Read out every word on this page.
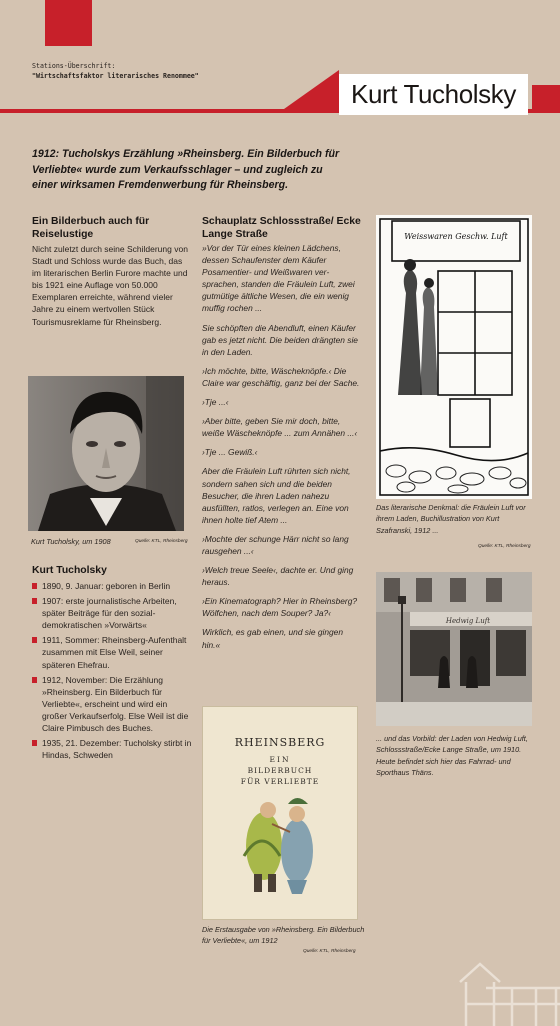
Stations-Überschrift:
"Wirtschaftsfaktor literarisches Renommee"
Kurt Tucholsky
1912: Tucholskys Erzählung »Rheinsberg. Ein Bilderbuch für Verliebte« wurde zum Verkaufsschlager – und zugleich zu einer wirksamen Fremdenwerbung für Rheinsberg.
Ein Bilderbuch auch für Reiselustige
Nicht zuletzt durch seine Schilderung von Stadt und Schloss wurde das Buch, das im literarischen Berlin Furore machte und bis 1921 eine Auflage von 50.000 Exemplaren erreichte, während vieler Jahre zu einem wertvollen Stück Tourismusreklame für Rheinsberg.
Kurt Tucholsky, um 1908	Quelle: KTL, Rheinsberg
Kurt Tucholsky
1890, 9. Januar: geboren in Berlin
1907: erste journalistische Arbeiten, später Beiträge für den sozialdemokratischen »Vorwärts«
1911, Sommer: Rheinsberg-Aufenthalt zusammen mit Else Weil, seiner späteren Ehefrau.
1912, November: Die Erzählung »Rheinsberg. Ein Bilderbuch für Verliebte«, erscheint und wird ein großer Verkaufserfolg. Else Weil ist die Claire Pimbusch des Buches.
1935, 21. Dezember: Tucholsky stirbt in Hindas, Schweden
Schauplatz Schlossstraße/ Ecke Lange Straße

»Vor der Tür eines kleinen Lädchens, dessen Schaufenster dem Käufer Posamentier- und Weißwaren versprachen, standen die Fräulein Luft, zwei gutmütige ältliche Wesen, die ein wenig muffig rochen ...

Sie schöpften die Abendluft, einen Käufer gab es jetzt nicht. Die beiden drängten sie in den Laden.

›Ich möchte, bitte, Wäscheknöpfe.‹ Die Claire war geschäftig, ganz bei der Sache.

›Tje ...‹

›Aber bitte, geben Sie mir doch, bitte, weiße Wäscheknöpfe ... zum Annähen ...‹

›Tje ... Gewiß.‹

Aber die Fräulein Luft rührten sich nicht, sondern sahen sich und die beiden Besucher, die ihren Laden nahezu ausfüllten, ratlos, verlegen an. Eine von ihnen holte tief Atem ...

›Mochte der schunge Härr nicht so lang rausgehen ...‹

›Welch treue Seele‹, dachte er. Und ging heraus.

›Ein Kinematograph? Hier in Rheinsberg? Wölfchen, nach dem Souper? Ja?‹

Wirklich, es gab einen, und sie gingen hin.«

RHEINSBERG
EIN
BILDERBUCH
FÜR VERLIEBTE
Die Erstausgabe von »Rheinsberg. Ein Bilderbuch für Verliebte«, um 1912
Quelle: KTL, Rheinsberg
Weisswaren Geschw. Luft
Das literarische Denkmal: die Fräulein Luft vor ihrem Laden, Buchillustration von Kurt Szafranski, 1912 ...
Quelle: KTL, Rheinsberg
Hedwig Luft
... und das Vorbild: der Laden von Hedwig Luft, Schlossstraße/Ecke Lange Straße, um 1910. Heute befindet sich hier das Fahrrad- und Sporthaus Thäns.
